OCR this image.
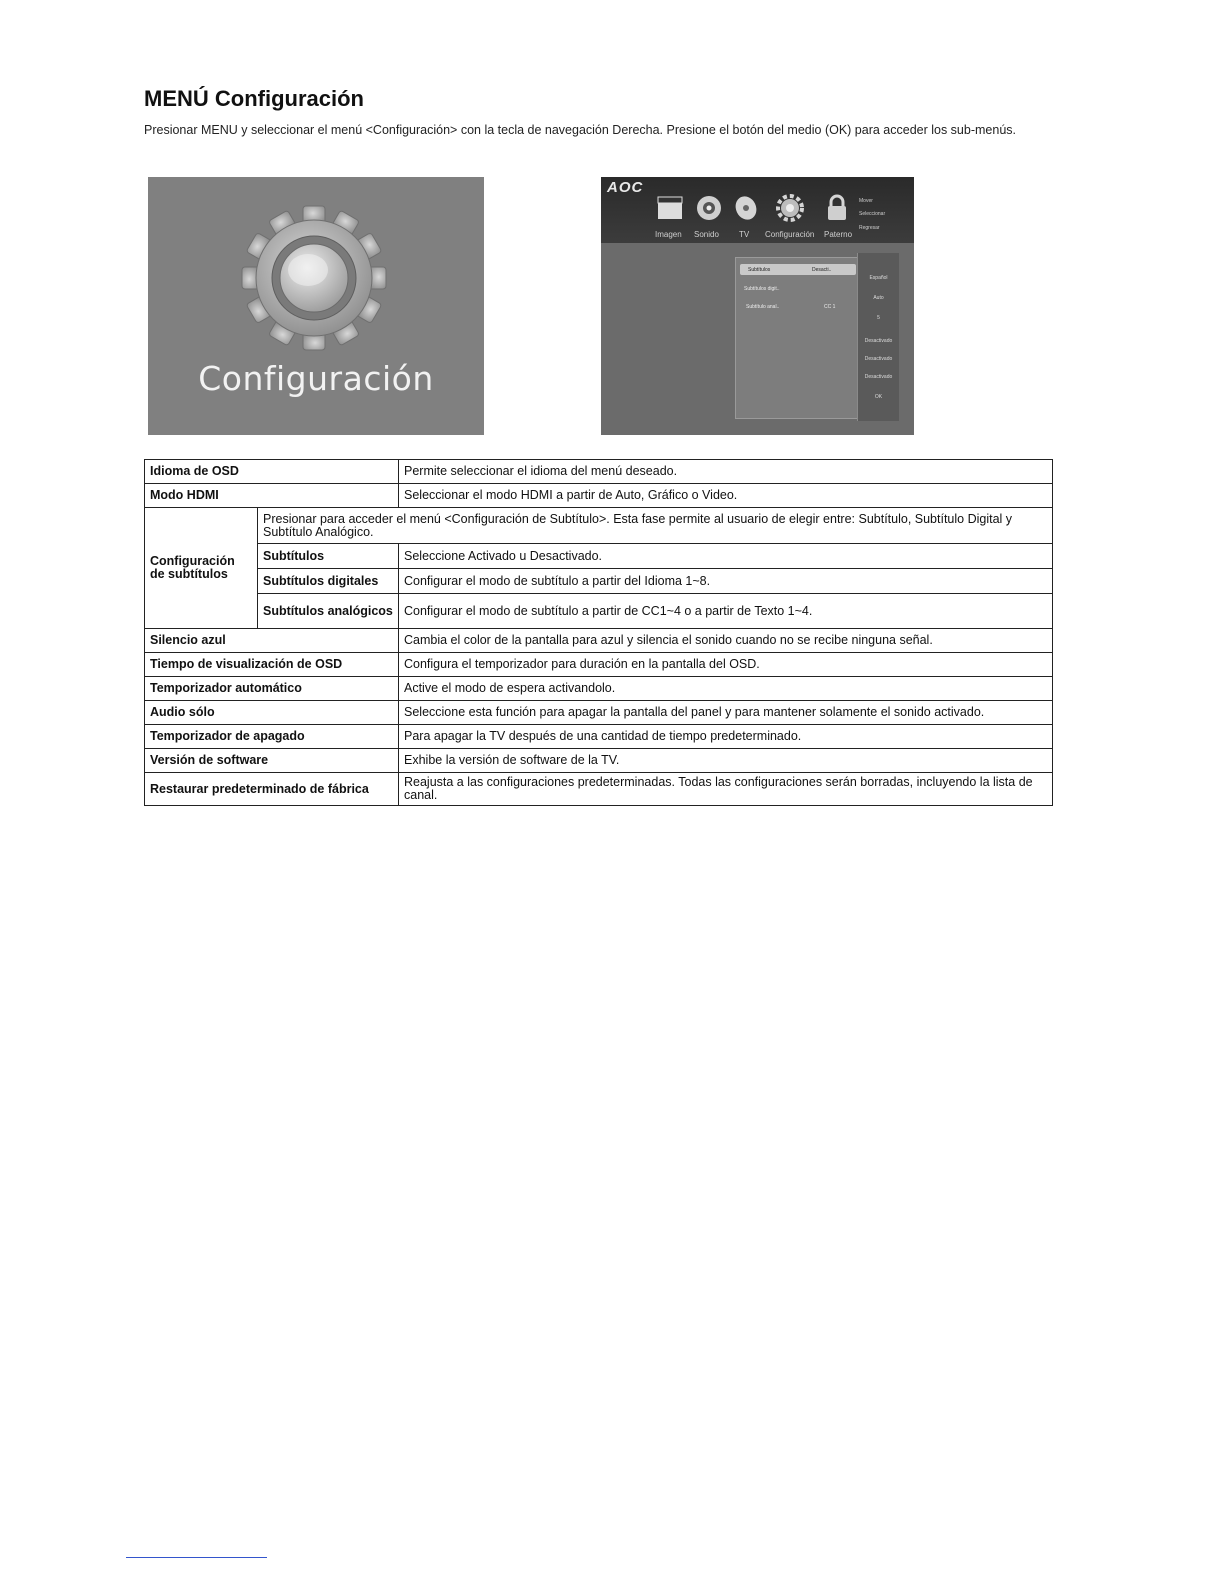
MENÚ Configuración

Presionar MENU y seleccionar el menú <Configuración> con la tecla de navegación Derecha. Presione el botón del medio (OK) para acceder los sub-menús.

Configuración
AOC
Imagen Sonido	TV Configuración Paterno
Mover
Seleccionar
Regresar
Subtítulos	Desacti..
Subtítulos digit..
Subtítulo anal..	CC 1
Español
Auto
5
Desactivado
Desactivado
Desactivado
OK
Idioma de OSD		Permite seleccionar el idioma del menú deseado.
Modo HDMI		Seleccionar el modo HDMI a partir de Auto, Gráfico o Video.
Configuración de subtítulos	Presionar para acceder el menú <Configuración de Subtítulo>. Esta fase permite al usuario de elegir entre: Subtítulo, Subtítulo Digital y Subtítulo Analógico.	
	Subtítulos	Seleccione Activado u Desactivado.
	Subtítulos digitales	Configurar el modo de subtítulo a partir del Idioma 1~8.
	Subtítulos analógicos	Configurar el modo de subtítulo a partir de CC1~4 o a partir de Texto 1~4.
Silencio azul		Cambia el color de la pantalla para azul y silencia el sonido cuando no se recibe ninguna señal.
Tiempo de visualización de OSD		Configura el temporizador para duración en la pantalla del OSD.
Temporizador automático		Active el modo de espera activandolo.
Audio sólo		Seleccione esta función para apagar la pantalla del panel y para mantener solamente el sonido activado.
Temporizador de apagado		Para apagar la TV después de una cantidad de tiempo predeterminado.
Versión de software		Exhibe la versión de software de la TV.
Restaurar predeterminado de fábrica		Reajusta a las configuraciones predeterminadas. Todas las configuraciones serán borradas, incluyendo la lista de canal.
